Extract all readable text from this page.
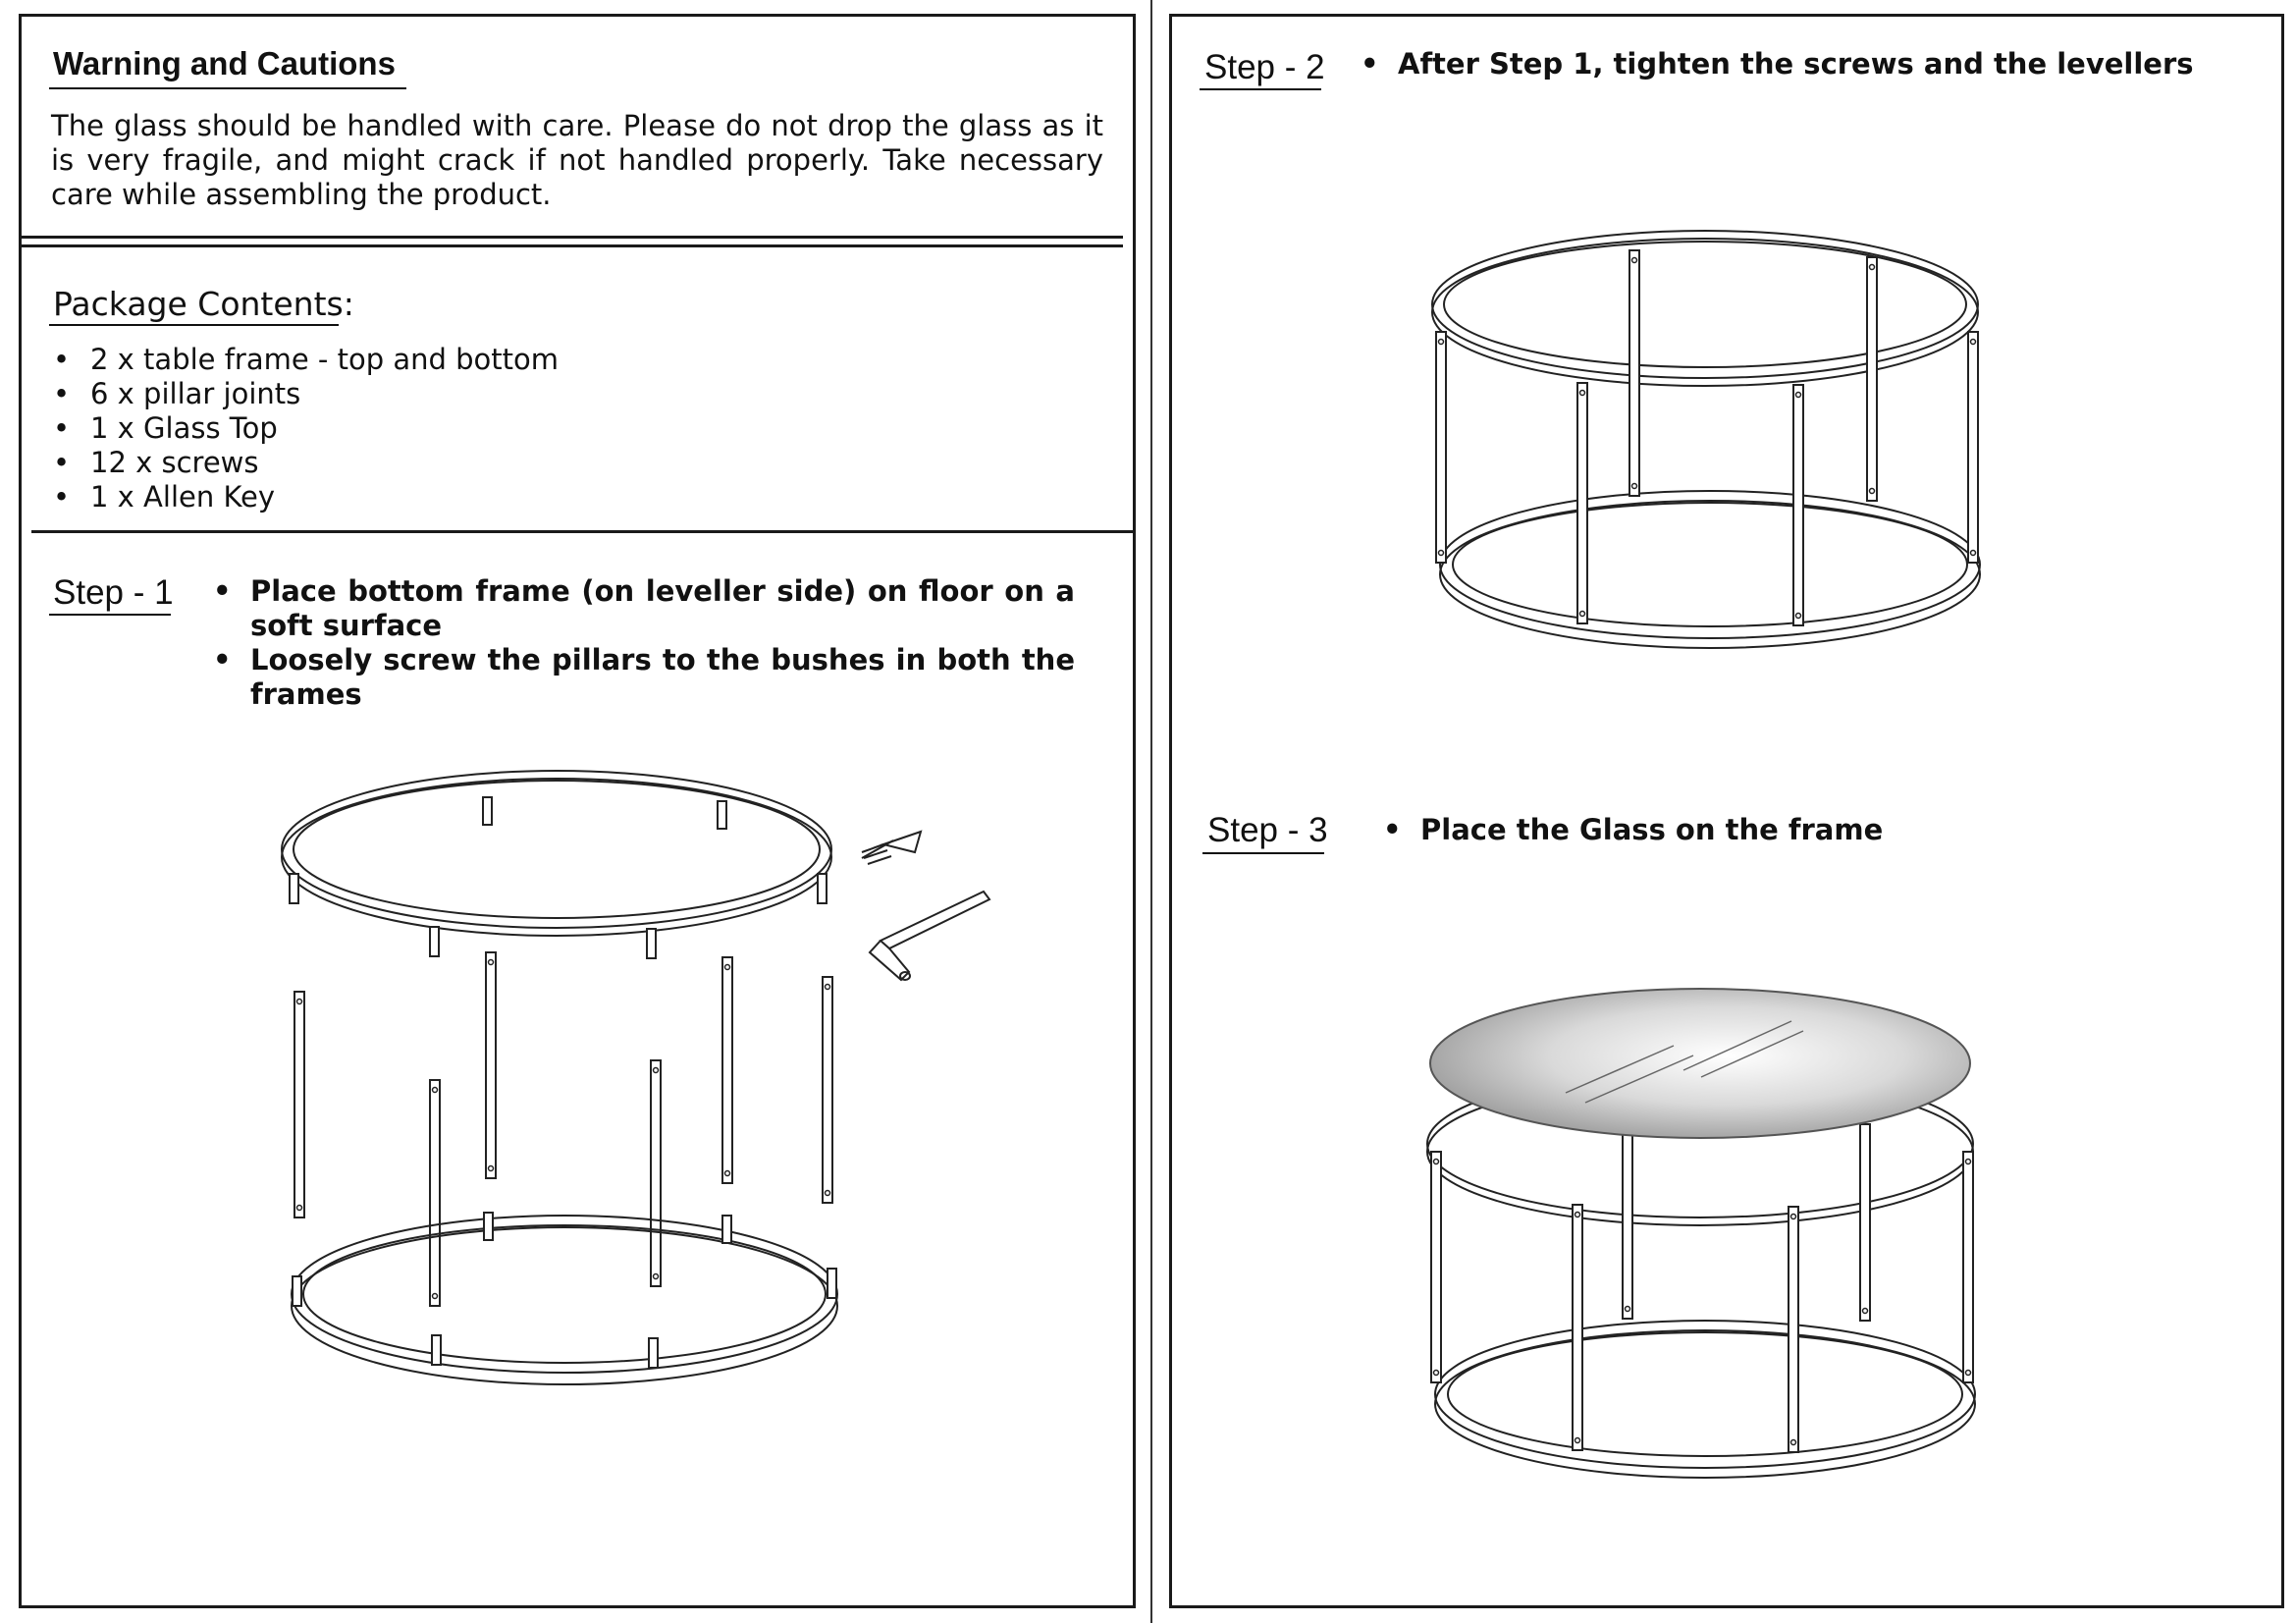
Warning and Cautions

The glass should be handled with care. Please do not drop the glass as it is very fragile, and might crack if not handled properly. Take necessary care while assembling the product.

Package Contents:
• 2 x table frame - top and bottom
• 6 x pillar joints
• 1 x Glass Top
• 12 x screws
• 1 x Allen Key
Step - 1	• Place bottom frame (on leveller side) on floor on a soft surface
• Loosely screw the pillars to the bushes in both the frames
Step - 2	• After Step 1, tighten the screws and the levellers
Step - 3	• Place the Glass on the frame
